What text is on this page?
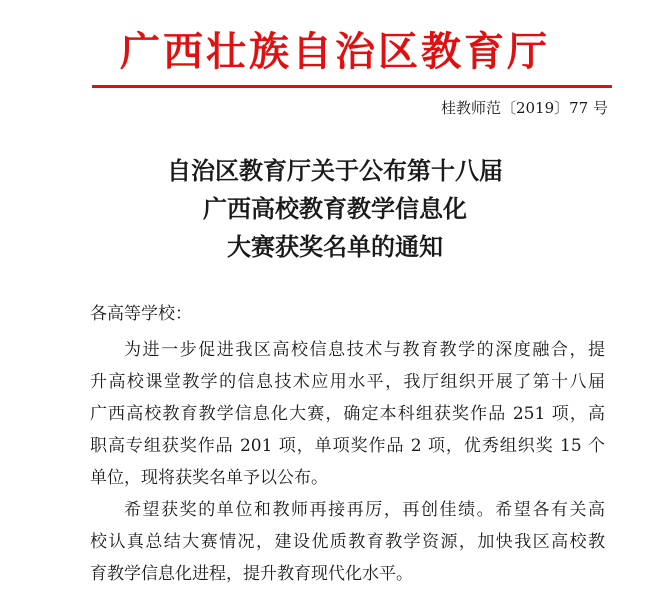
广西壮族自治区教育厅
桂教师范〔2019〕77 号
自治区教育厅关于公布第十八届
广西高校教育教学信息化
大赛获奖名单的通知
各高等学校：
为进一步促进我区高校信息技术与教育教学的深度融合，提
升高校课堂教学的信息技术应用水平，我厅组织开展了第十八届
广西高校教育教学信息化大赛，确定本科组获奖作品 251 项，高
职高专组获奖作品 201 项，单项奖作品 2 项，优秀组织奖 15 个
单位，现将获奖名单予以公布。
希望获奖的单位和教师再接再厉，再创佳绩。希望各有关高
校认真总结大赛情况，建设优质教育教学资源，加快我区高校教
育教学信息化进程，提升教育现代化水平。
